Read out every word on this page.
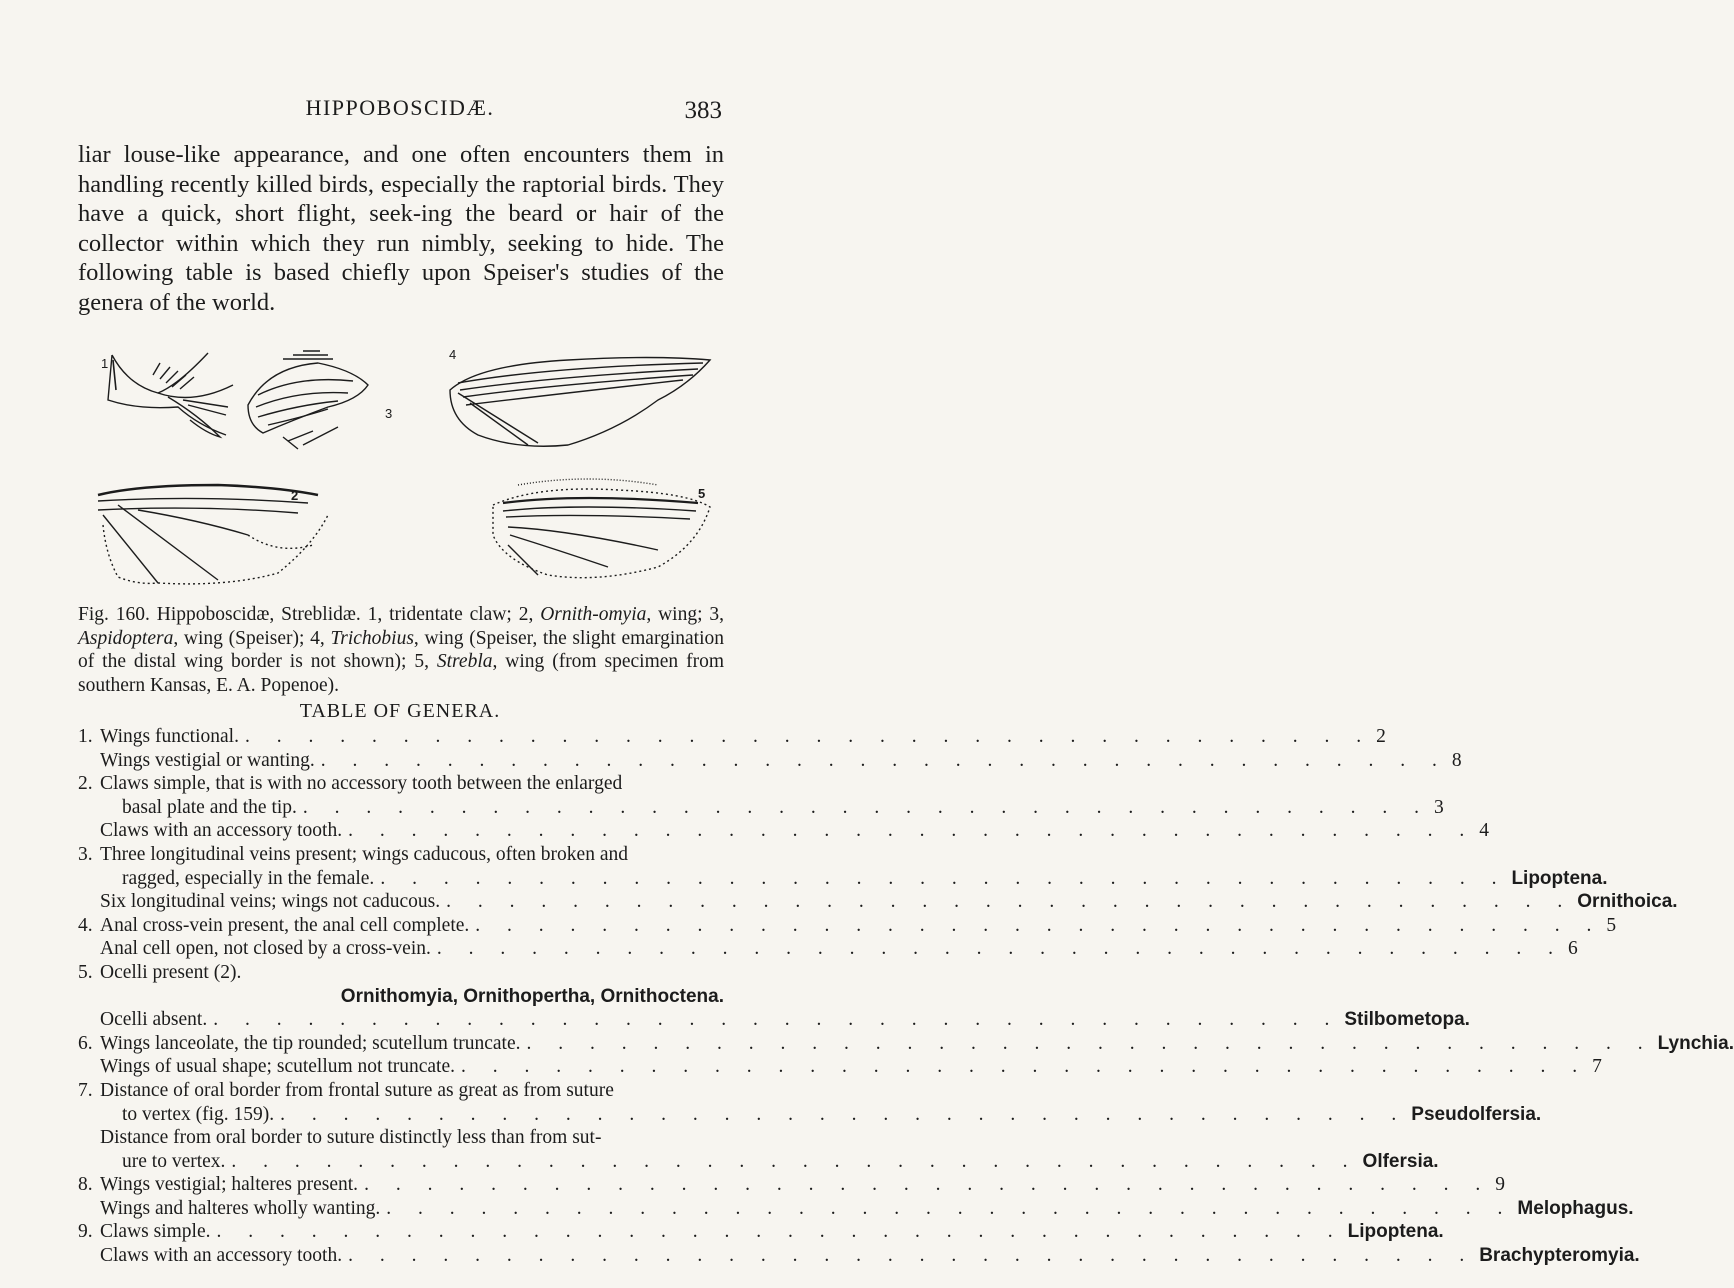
HIPPOBOSCIDÆ.	383

liar louse-like appearance, and one often encounters them in handling recently killed birds, especially the raptorial birds. They have a quick, short flight, seek-ing the beard or hair of the collector within which they run nimbly, seeking to hide. The following table is based chiefly upon Speiser's studies of the genera of the world.

1
2
3
4
5

Fig. 160. Hippoboscidæ, Streblidæ. 1, tridentate claw; 2, Ornith-omyia, wing; 3, Aspidoptera, wing (Speiser); 4, Trichobius, wing (Speiser, the slight emargination of the distal wing border is not shown); 5, Strebla, wing (from specimen from southern Kansas, E. A. Popenoe).

TABLE OF GENERA.
1. Wings functional. . . . . . . . . . . . . . . . . . . . . . . . . . . . . . . . . . . . . 2
Wings vestigial or wanting. . . . . . . . . . . . . . . . . . . . . . . . . . . . . . . . . . . . . 8
2. Claws simple, that is with no accessory tooth between the enlarged
basal plate and the tip. . . . . . . . . . . . . . . . . . . . . . . . . . . . . . . . . . . . . 3
Claws with an accessory tooth. . . . . . . . . . . . . . . . . . . . . . . . . . . . . . . . . . . . . 4
3. Three longitudinal veins present; wings caducous, often broken and
ragged, especially in the female. . . . . . . . . . . . . . . . . . . . . . . . . . . . . . . . . . . . . Lipoptena.
Six longitudinal veins; wings not caducous. . . . . . . . . . . . . . . . . . . . . . . . . . . . . . . . . . . . . Ornithoica.
4. Anal cross-vein present, the anal cell complete. . . . . . . . . . . . . . . . . . . . . . . . . . . . . . . . . . . . . 5
Anal cell open, not closed by a cross-vein. . . . . . . . . . . . . . . . . . . . . . . . . . . . . . . . . . . . . 6
5. Ocelli present (2).
Ornithomyia, Ornithopertha, Ornithoctena.
Ocelli absent. . . . . . . . . . . . . . . . . . . . . . . . . . . . . . . . . . . . . Stilbometopa.
6. Wings lanceolate, the tip rounded; scutellum truncate. . . . . . . . . . . . . . . . . . . . . . . . . . . . . . . . . . . . . Lynchia.
Wings of usual shape; scutellum not truncate. . . . . . . . . . . . . . . . . . . . . . . . . . . . . . . . . . . . . 7
7. Distance of oral border from frontal suture as great as from suture
to vertex (fig. 159). . . . . . . . . . . . . . . . . . . . . . . . . . . . . . . . . . . . . Pseudolfersia.
Distance from oral border to suture distinctly less than from sut-
ure to vertex. . . . . . . . . . . . . . . . . . . . . . . . . . . . . . . . . . . . . Olfersia.
8. Wings vestigial; halteres present. . . . . . . . . . . . . . . . . . . . . . . . . . . . . . . . . . . . . 9
Wings and halteres wholly wanting. . . . . . . . . . . . . . . . . . . . . . . . . . . . . . . . . . . . . Melophagus.
9. Claws simple. . . . . . . . . . . . . . . . . . . . . . . . . . . . . . . . . . . . . Lipoptena.
Claws with an accessory tooth. . . . . . . . . . . . . . . . . . . . . . . . . . . . . . . . . . . . . Brachypteromyia.
